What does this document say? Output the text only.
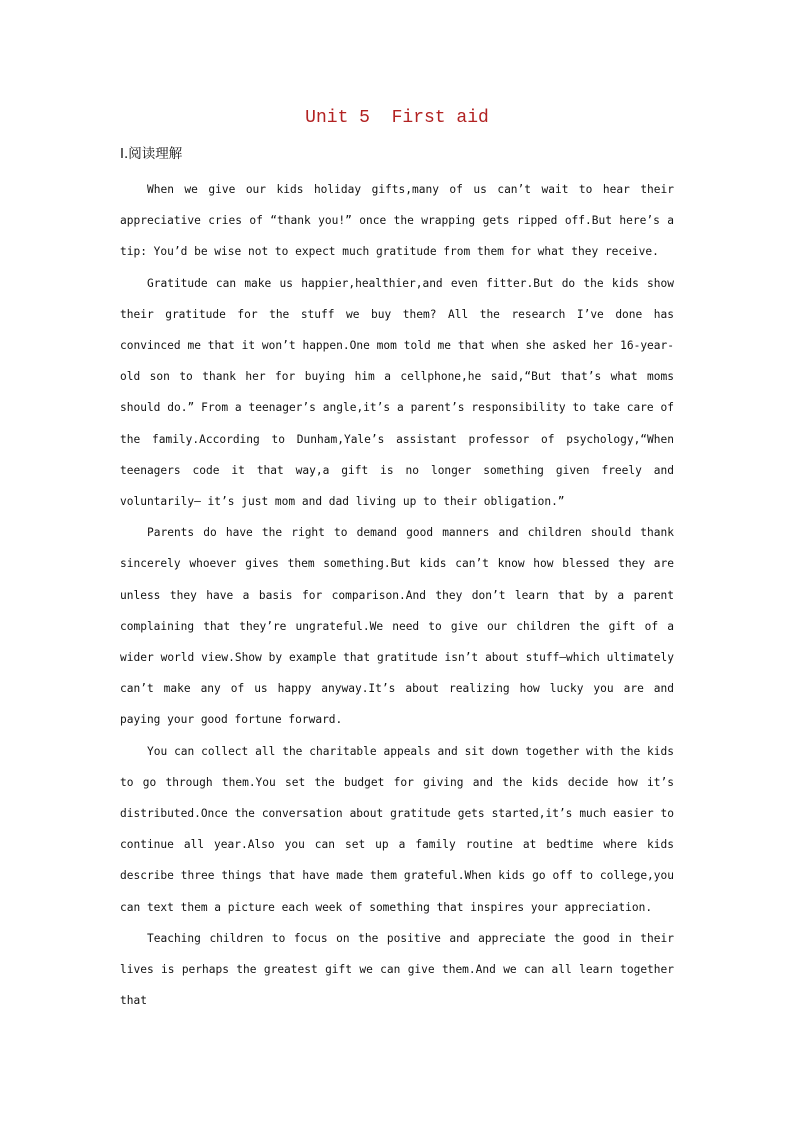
Unit 5  First aid
Ⅰ.阅读理解

When we give our kids holiday gifts,many of us can’t wait to hear their appreciative cries of “thank you!” once the wrapping gets ripped off.But here’s a tip: You’d be wise not to expect much gratitude from them for what they receive.

Gratitude can make us happier,healthier,and even fitter.But do the kids show their gratitude for the stuff we buy them? All the research I’ve done has convinced me that it won’t happen.One mom told me that when she asked her 16-year-old son to thank her for buying him a cellphone,he said,“But that’s what moms should do.” From a teenager’s angle,it’s a parent’s responsibility to take care of the family.According to Dunham,Yale’s assistant professor of psychology,“When teenagers code it that way,a gift is no longer something given freely and voluntarily— it’s just mom and dad living up to their obligation.”

Parents do have the right to demand good manners and children should thank sincerely whoever gives them something.But kids can’t know how blessed they are unless they have a basis for comparison.And they don’t learn that by a parent complaining that they’re ungrateful.We need to give our children the gift of a wider world view.Show by example that gratitude isn’t about stuff—which ultimately can’t make any of us happy anyway.It’s about realizing how lucky you are and paying your good fortune forward.

You can collect all the charitable appeals and sit down together with the kids to go through them.You set the budget for giving and the kids decide how it’s distributed.Once the conversation about gratitude gets started,it’s much easier to continue all year.Also you can set up a family routine at bedtime where kids describe three things that have made them grateful.When kids go off to college,you can text them a picture each week of something that inspires your appreciation.

Teaching children to focus on the positive and appreciate the good in their lives is perhaps the greatest gift we can give them.And we can all learn together that
